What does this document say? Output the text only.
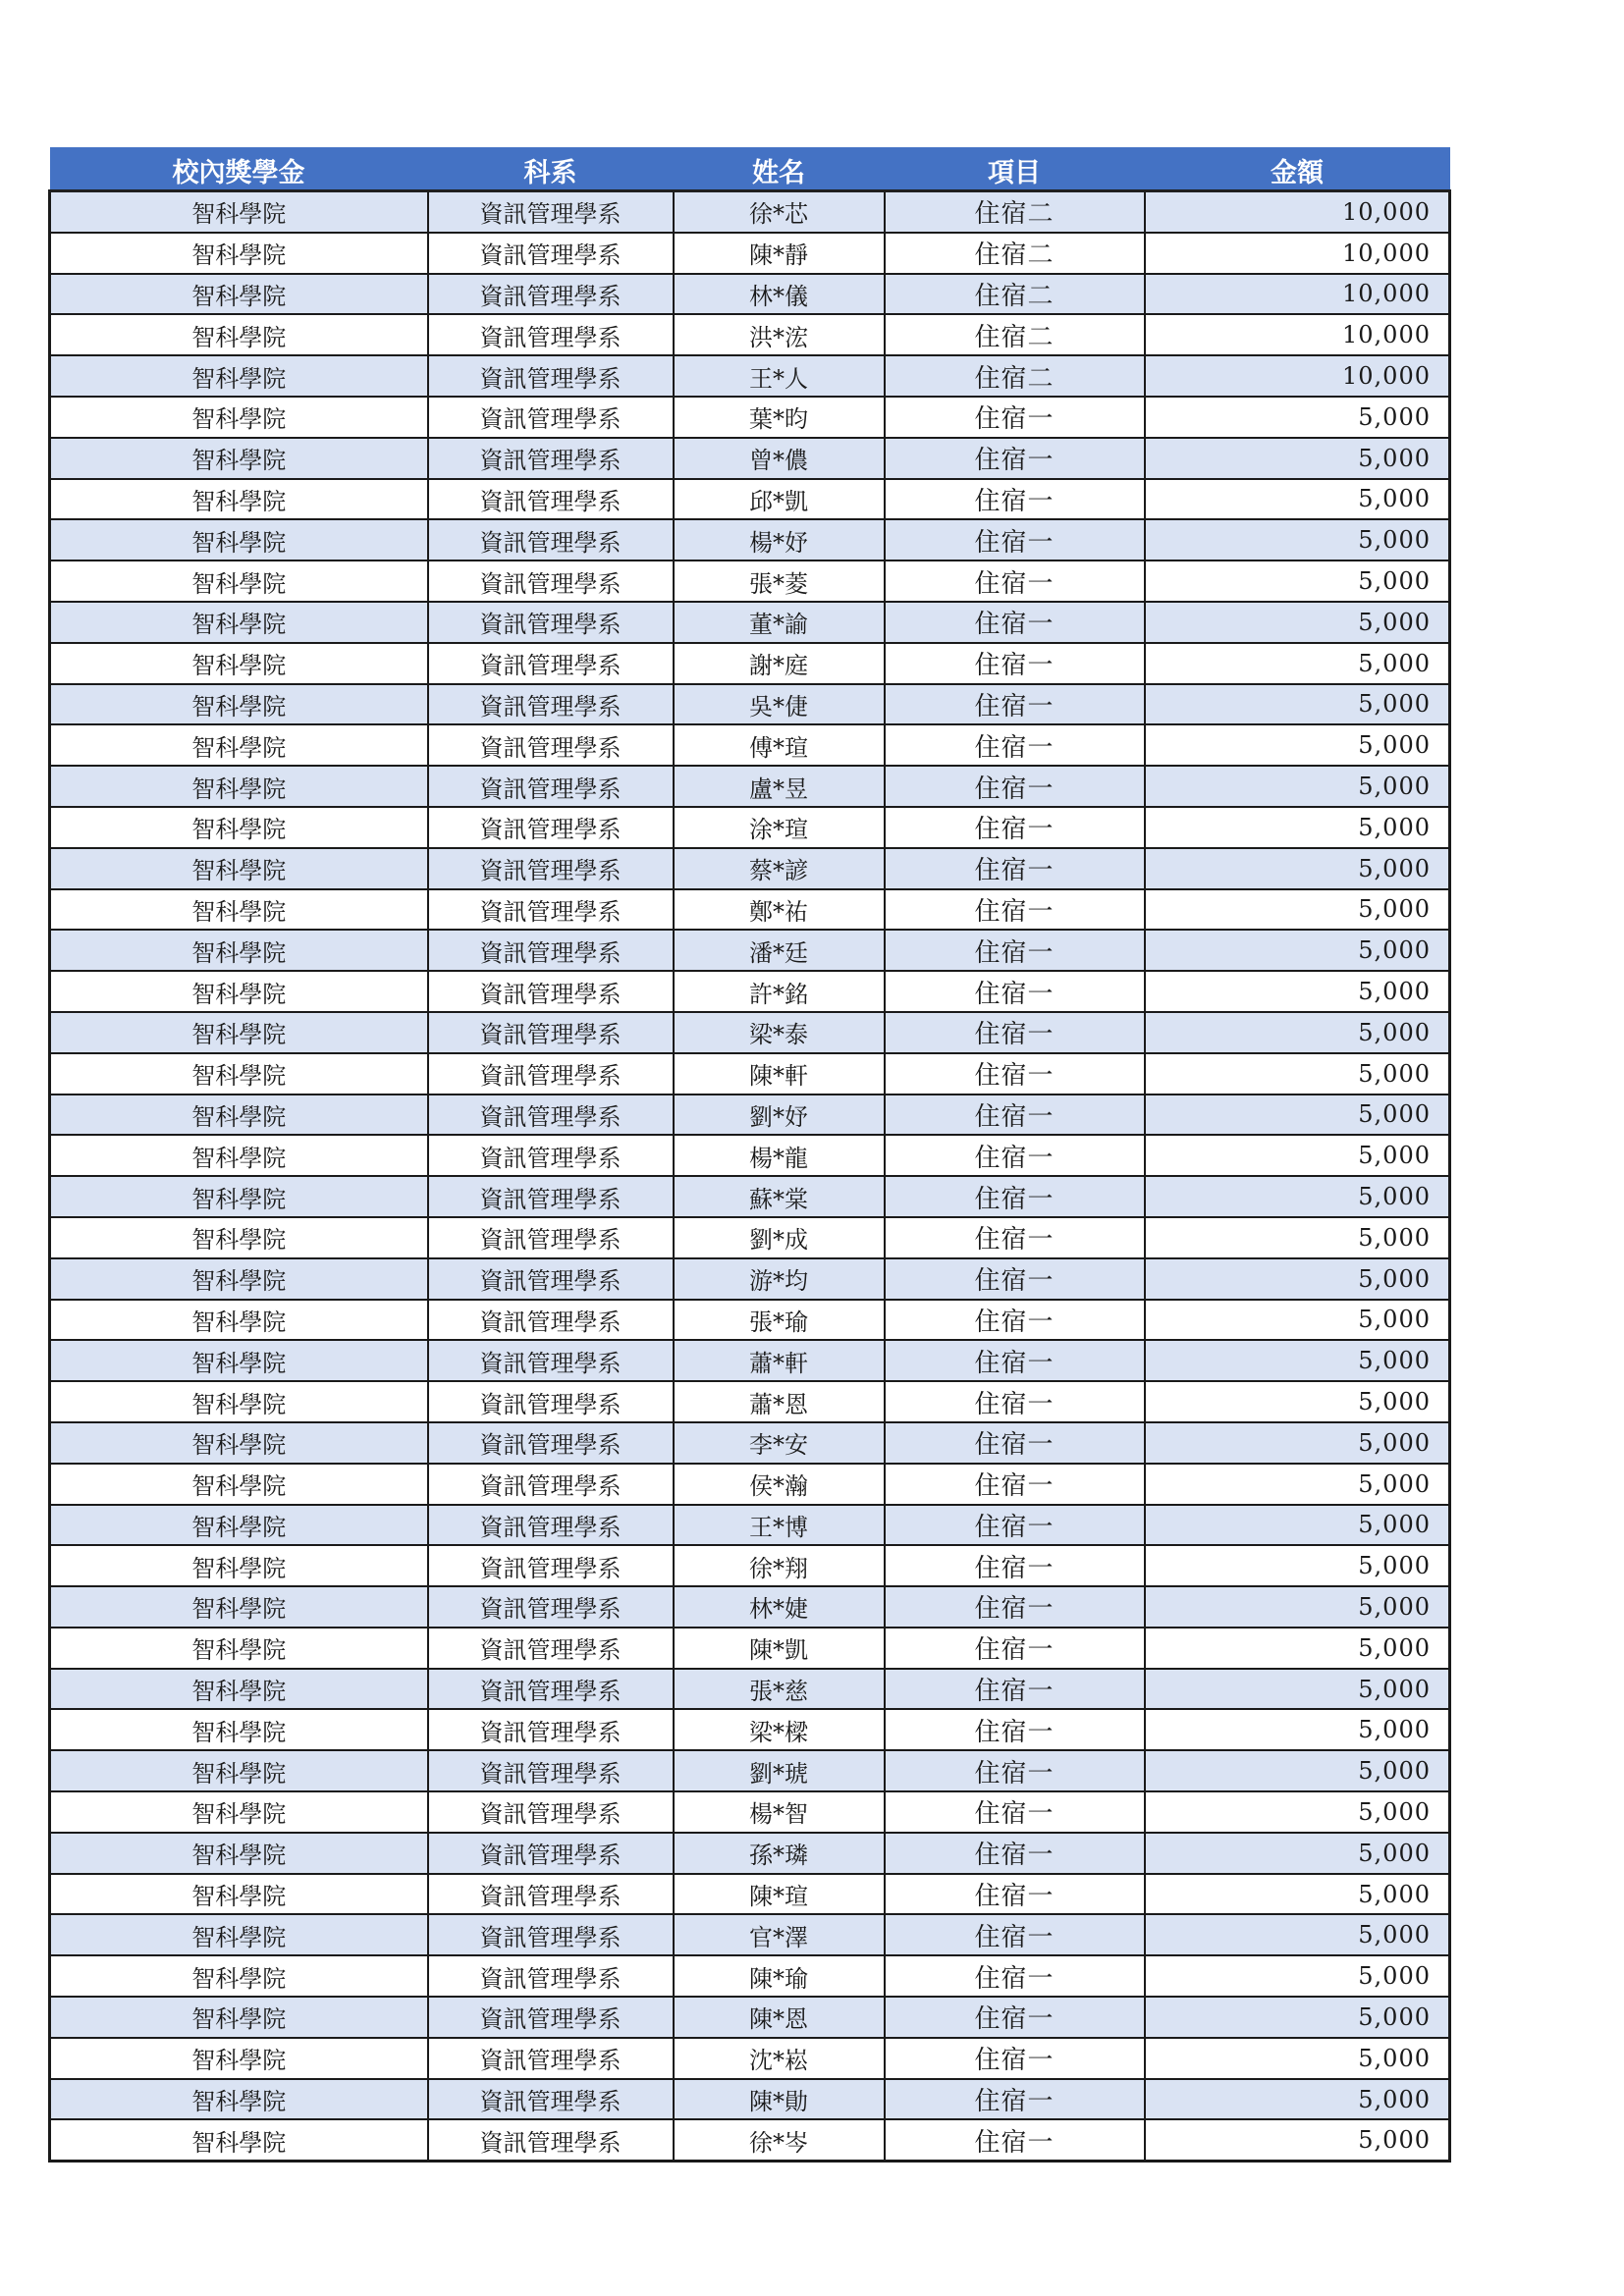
校內獎學金	科系	姓名	項目	金額
智科學院	資訊管理學系	徐*芯	住宿二	10,000
智科學院	資訊管理學系	陳*靜	住宿二	10,000
智科學院	資訊管理學系	林*儀	住宿二	10,000
智科學院	資訊管理學系	洪*浤	住宿二	10,000
智科學院	資訊管理學系	王*人	住宿二	10,000
智科學院	資訊管理學系	葉*昀	住宿一	5,000
智科學院	資訊管理學系	曾*儂	住宿一	5,000
智科學院	資訊管理學系	邱*凱	住宿一	5,000
智科學院	資訊管理學系	楊*妤	住宿一	5,000
智科學院	資訊管理學系	張*菱	住宿一	5,000
智科學院	資訊管理學系	董*諭	住宿一	5,000
智科學院	資訊管理學系	謝*庭	住宿一	5,000
智科學院	資訊管理學系	吳*倢	住宿一	5,000
智科學院	資訊管理學系	傅*瑄	住宿一	5,000
智科學院	資訊管理學系	盧*昱	住宿一	5,000
智科學院	資訊管理學系	涂*瑄	住宿一	5,000
智科學院	資訊管理學系	蔡*諺	住宿一	5,000
智科學院	資訊管理學系	鄭*祐	住宿一	5,000
智科學院	資訊管理學系	潘*廷	住宿一	5,000
智科學院	資訊管理學系	許*銘	住宿一	5,000
智科學院	資訊管理學系	梁*泰	住宿一	5,000
智科學院	資訊管理學系	陳*軒	住宿一	5,000
智科學院	資訊管理學系	劉*妤	住宿一	5,000
智科學院	資訊管理學系	楊*龍	住宿一	5,000
智科學院	資訊管理學系	蘇*棠	住宿一	5,000
智科學院	資訊管理學系	劉*成	住宿一	5,000
智科學院	資訊管理學系	游*均	住宿一	5,000
智科學院	資訊管理學系	張*瑜	住宿一	5,000
智科學院	資訊管理學系	蕭*軒	住宿一	5,000
智科學院	資訊管理學系	蕭*恩	住宿一	5,000
智科學院	資訊管理學系	李*安	住宿一	5,000
智科學院	資訊管理學系	侯*瀚	住宿一	5,000
智科學院	資訊管理學系	王*博	住宿一	5,000
智科學院	資訊管理學系	徐*翔	住宿一	5,000
智科學院	資訊管理學系	林*婕	住宿一	5,000
智科學院	資訊管理學系	陳*凱	住宿一	5,000
智科學院	資訊管理學系	張*慈	住宿一	5,000
智科學院	資訊管理學系	梁*樑	住宿一	5,000
智科學院	資訊管理學系	劉*琥	住宿一	5,000
智科學院	資訊管理學系	楊*智	住宿一	5,000
智科學院	資訊管理學系	孫*璘	住宿一	5,000
智科學院	資訊管理學系	陳*瑄	住宿一	5,000
智科學院	資訊管理學系	官*澤	住宿一	5,000
智科學院	資訊管理學系	陳*瑜	住宿一	5,000
智科學院	資訊管理學系	陳*恩	住宿一	5,000
智科學院	資訊管理學系	沈*崧	住宿一	5,000
智科學院	資訊管理學系	陳*勛	住宿一	5,000
智科學院	資訊管理學系	徐*岑	住宿一	5,000
